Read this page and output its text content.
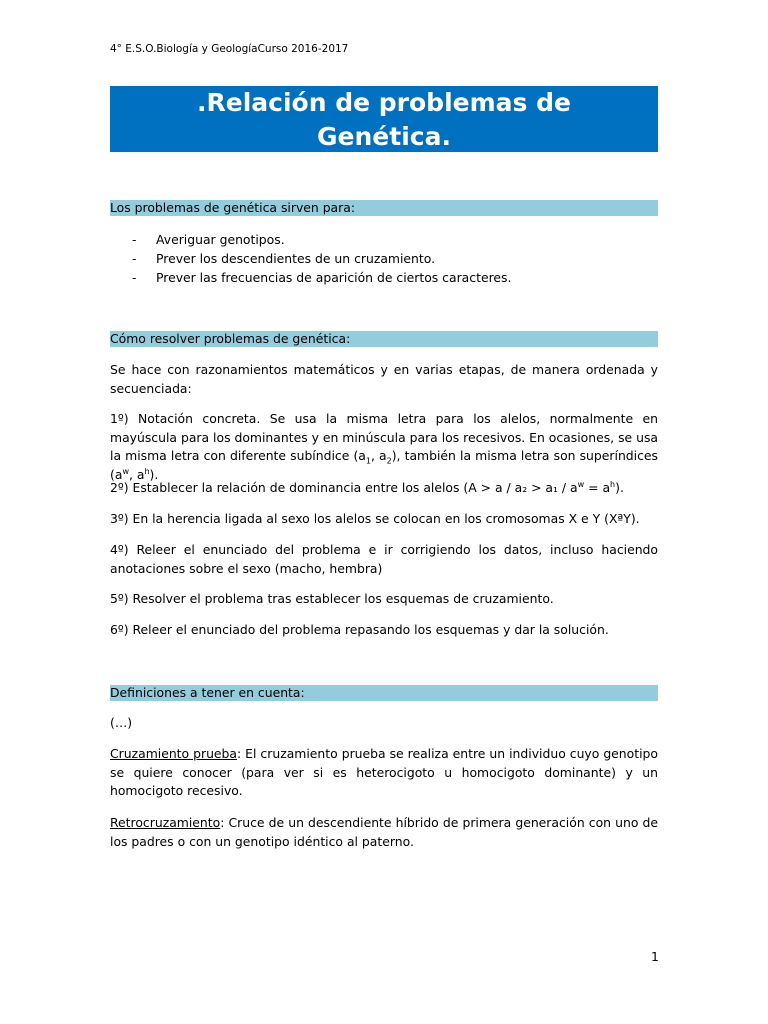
4° E.S.O.Biología y GeologíaCurso 2016-2017
.Relación de problemas de
Genética.
Los problemas de genética sirven para:
- Averiguar genotipos.
- Prever los descendientes de un cruzamiento.
- Prever las frecuencias de aparición de ciertos caracteres.
Cómo resolver problemas de genética:

Se hace con razonamientos matemáticos y en varias etapas, de manera ordenada y secuenciada:

1º) Notación concreta. Se usa la misma letra para los alelos, normalmente en mayúscula para los dominantes y en minúscula para los recesivos. En ocasiones, se usa la misma letra con diferente subíndice ($a_1$, $a_2$), también la misma letra son superíndices ($a^w$, $a^h$).

2º) Establecer la relación de dominancia entre los alelos $(A > a / a_2 > a_1 / a^w = a^h)$.

3º) En la herencia ligada al sexo los alelos se colocan en los cromosomas X e Y (XªY).

4º) Releer el enunciado del problema e ir corrigiendo los datos, incluso haciendo anotaciones sobre el sexo (macho, hembra)

5º) Resolver el problema tras establecer los esquemas de cruzamiento.

6º) Releer el enunciado del problema repasando los esquemas y dar la solución.

Definiciones a tener en cuenta:

(…)

Cruzamiento prueba: El cruzamiento prueba se realiza entre un individuo cuyo genotipo se quiere conocer (para ver si es heterocigoto u homocigoto dominante) y un homocigoto recesivo.

Retrocruzamiento: Cruce de un descendiente híbrido de primera generación con uno de los padres o con un genotipo idéntico al paterno.

1
